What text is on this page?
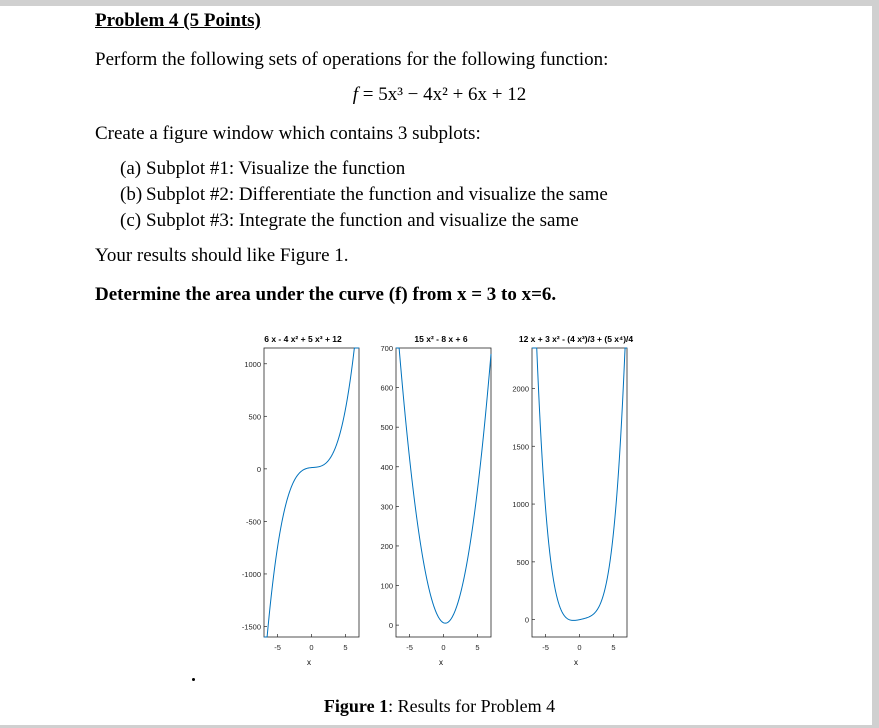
Problem 4 (5 Points)
Perform the following sets of operations for the following function:
f = 5x³ − 4x² + 6x + 12
Create a figure window which contains 3 subplots:
(a) Subplot #1: Visualize the function
(b) Subplot #2: Differentiate the function and visualize the same
(c) Subplot #3: Integrate the function and visualize the same
Your results should like Figure 1.
Determine the area under the curve (f) from x = 3 to x=6.
6 x - 4 x² + 5 x³ + 12	15 x² - 8 x + 6	12 x + 3 x² - (4 x³)/3 + (5 x⁴)/4
x	x	x
1000
500
0
-500
-1000
-1500
-5	0	5
700
600
500
400
300
200
100
0
-5	0	5
2000
1500
1000
500
0
-5	0	5
Figure 1: Results for Problem 4
